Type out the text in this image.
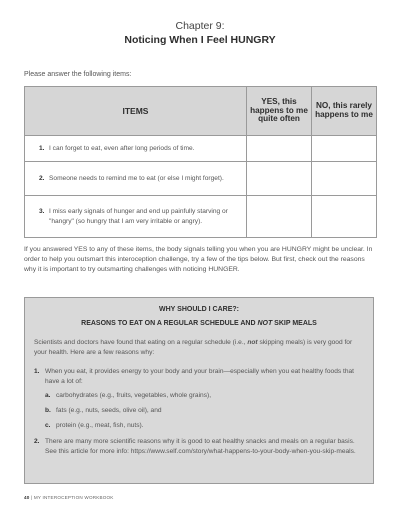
Chapter 9:
Noticing When I Feel HUNGRY
Please answer the following items:
ITEMS	YES, this happens to me quite often	NO, this rarely happens to me

1. I can forget to eat, even after long periods of time.		

2. Someone needs to remind me to eat (or else I might forget).		

3. I miss early signals of hunger and end up painfully starving or "hangry" (so hungry that I am very irritable or angry).		

If you answered YES to any of these items, the body signals telling you when you are HUNGRY might be unclear. In order to help you outsmart this interoception challenge, try a few of the tips below. But first, check out the reasons why it is important to try outsmarting challenges with noticing HUNGER.
WHY SHOULD I CARE?:
REASONS TO EAT ON A REGULAR SCHEDULE AND NOT SKIP MEALS
Scientists and doctors have found that eating on a regular schedule (i.e., not skipping meals) is very good for your health. Here are a few reasons why:
1. When you eat, it provides energy to your body and your brain—especially when you eat healthy foods that have a lot of:
a. carbohydrates (e.g., fruits, vegetables, whole grains),
b. fats (e.g., nuts, seeds, olive oil), and
c. protein (e.g., meat, fish, nuts).
2. There are many more scientific reasons why it is good to eat healthy snacks and meals on a regular basis. See this article for more info: https://www.self.com/story/what-happens-to-your-body-when-you-skip-meals.
40 | MY INTEROCEPTION WORKBOOK
